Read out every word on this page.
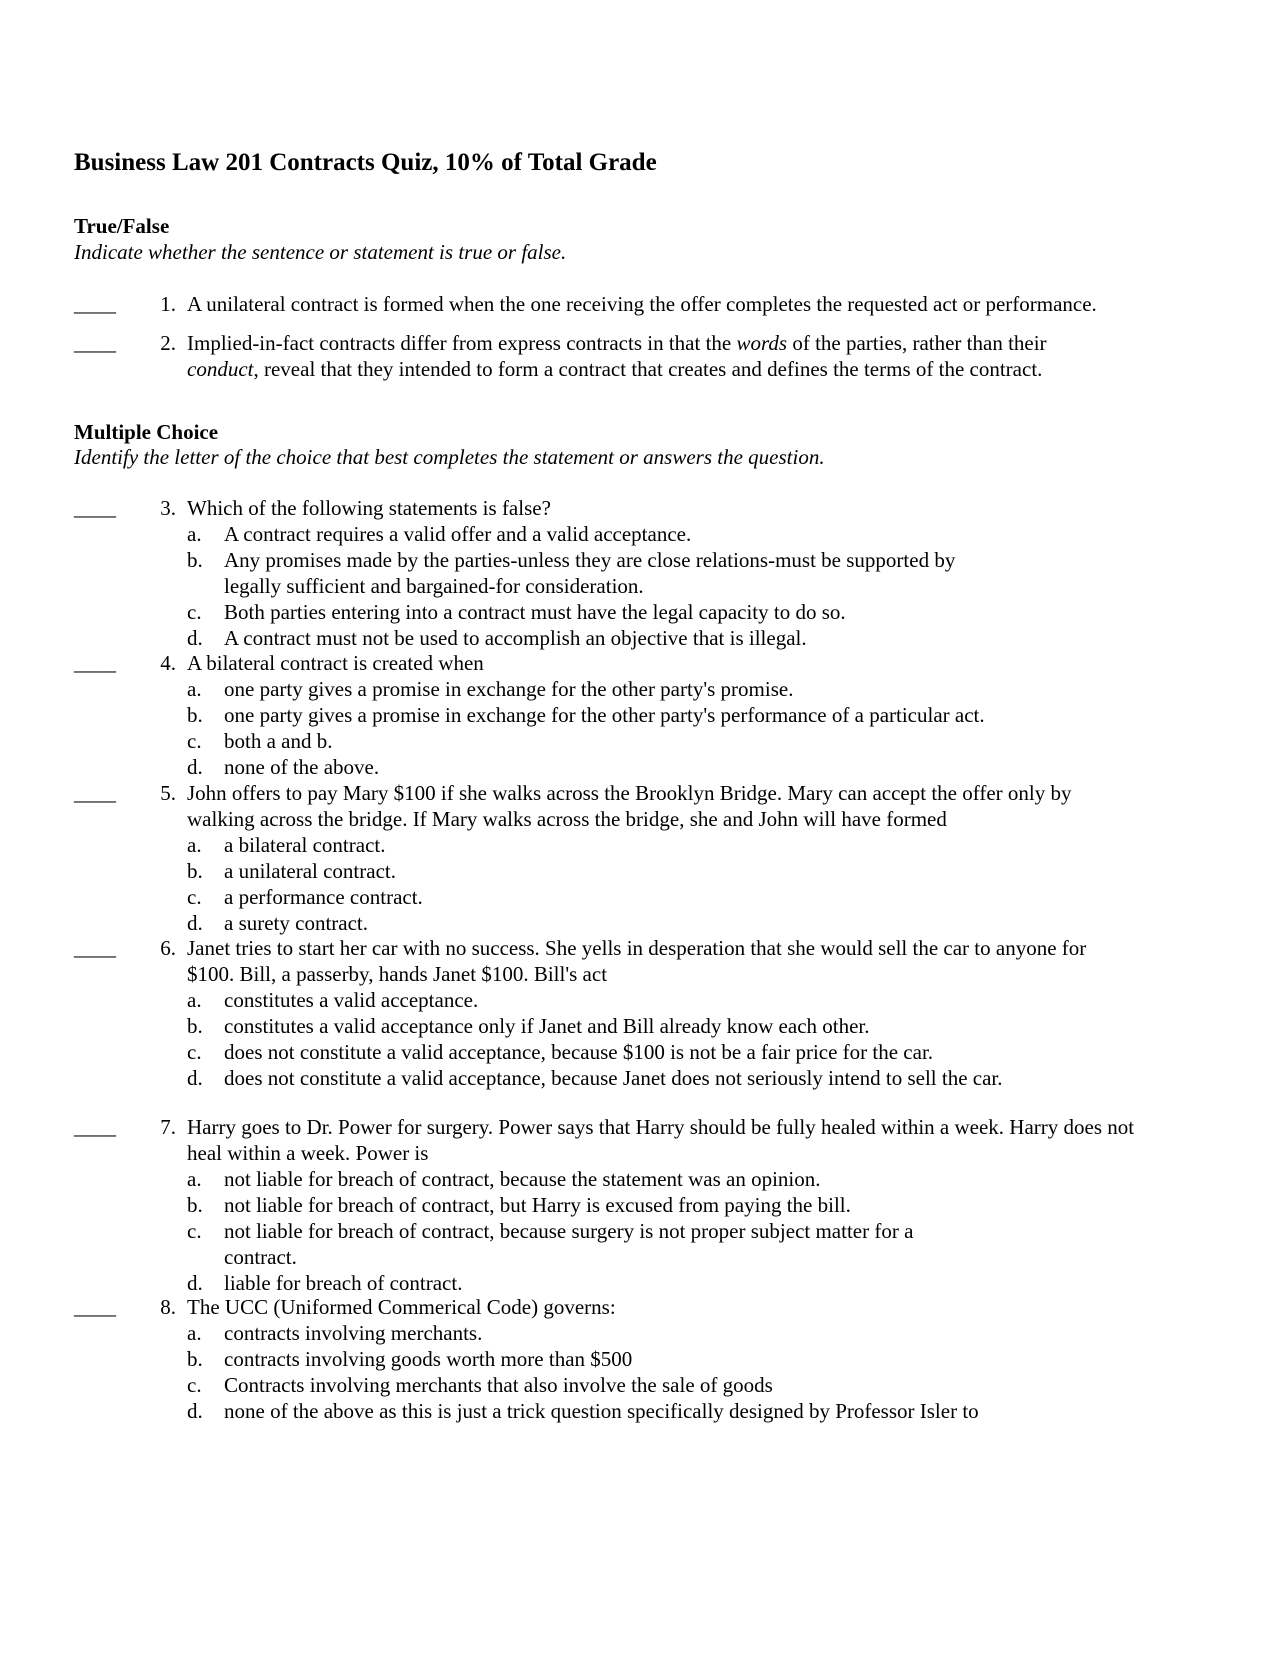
Business Law 201 Contracts Quiz, 10% of Total Grade
True/False
Indicate whether the sentence or statement is true or false.
____	1. A unilateral contract is formed when the one receiving the offer completes the requested act or performance.
____	2. Implied-in-fact contracts differ from express contracts in that the words of the parties, rather than their conduct, reveal that they intended to form a contract that creates and defines the terms of the contract.
Multiple Choice
Identify the letter of the choice that best completes the statement or answers the question.
____	3. Which of the following statements is false?
a. A contract requires a valid offer and a valid acceptance.
b. Any promises made by the parties-unless they are close relations-must be supported by legally sufficient and bargained-for consideration.
c. Both parties entering into a contract must have the legal capacity to do so.
d. A contract must not be used to accomplish an objective that is illegal.
____	4. A bilateral contract is created when
a. one party gives a promise in exchange for the other party's promise.
b. one party gives a promise in exchange for the other party's performance of a particular act.
c. both a and b.
d. none of the above.
____	5. John offers to pay Mary $100 if she walks across the Brooklyn Bridge. Mary can accept the offer only by walking across the bridge. If Mary walks across the bridge, she and John will have formed
a. a bilateral contract.
b. a unilateral contract.
c. a performance contract.
d. a surety contract.
____	6. Janet tries to start her car with no success. She yells in desperation that she would sell the car to anyone for $100. Bill, a passerby, hands Janet $100. Bill's act
a. constitutes a valid acceptance.
b. constitutes a valid acceptance only if Janet and Bill already know each other.
c. does not constitute a valid acceptance, because $100 is not be a fair price for the car.
d. does not constitute a valid acceptance, because Janet does not seriously intend to sell the car.
____	7. Harry goes to Dr. Power for surgery. Power says that Harry should be fully healed within a week. Harry does not heal within a week. Power is
a. not liable for breach of contract, because the statement was an opinion.
b. not liable for breach of contract, but Harry is excused from paying the bill.
c. not liable for breach of contract, because surgery is not proper subject matter for a contract.
d. liable for breach of contract.
____	8. The UCC (Uniformed Commerical Code) governs:
a. contracts involving merchants.
b. contracts involving goods worth more than $500
c. Contracts involving merchants that also involve the sale of goods
d. none of the above as this is just a trick question specifically designed by Professor Isler to
